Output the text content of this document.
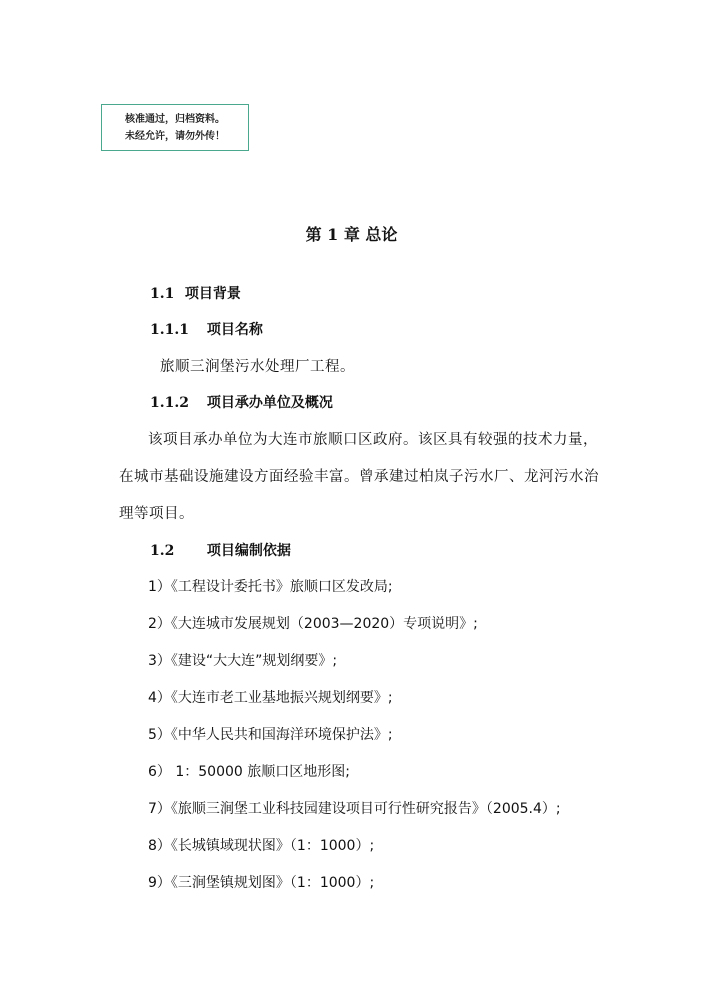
核准通过，归档资料。
未经允许，请勿外传！
第 1 章 总论
1.1 项目背景
1.1.1 项目名称
旅顺三涧堡污水处理厂工程。
1.1.2 项目承办单位及概况
该项目承办单位为大连市旅顺口区政府。该区具有较强的技术力量，
在城市基础设施建设方面经验丰富。曾承建过柏岚子污水厂、龙河污水治
理等项目。
1.2 项目编制依据
1）《工程设计委托书》旅顺口区发改局;
2）《大连城市发展规划（2003—2020）专项说明》;
3）《建设“大大连”规划纲要》;
4）《大连市老工业基地振兴规划纲要》;
5）《中华人民共和国海洋环境保护法》;
6） 1：50000 旅顺口区地形图;
7）《旅顺三涧堡工业科技园建设项目可行性研究报告》（2005.4）;
8）《长城镇域现状图》（1：1000）;
9）《三涧堡镇规划图》（1：1000）;
